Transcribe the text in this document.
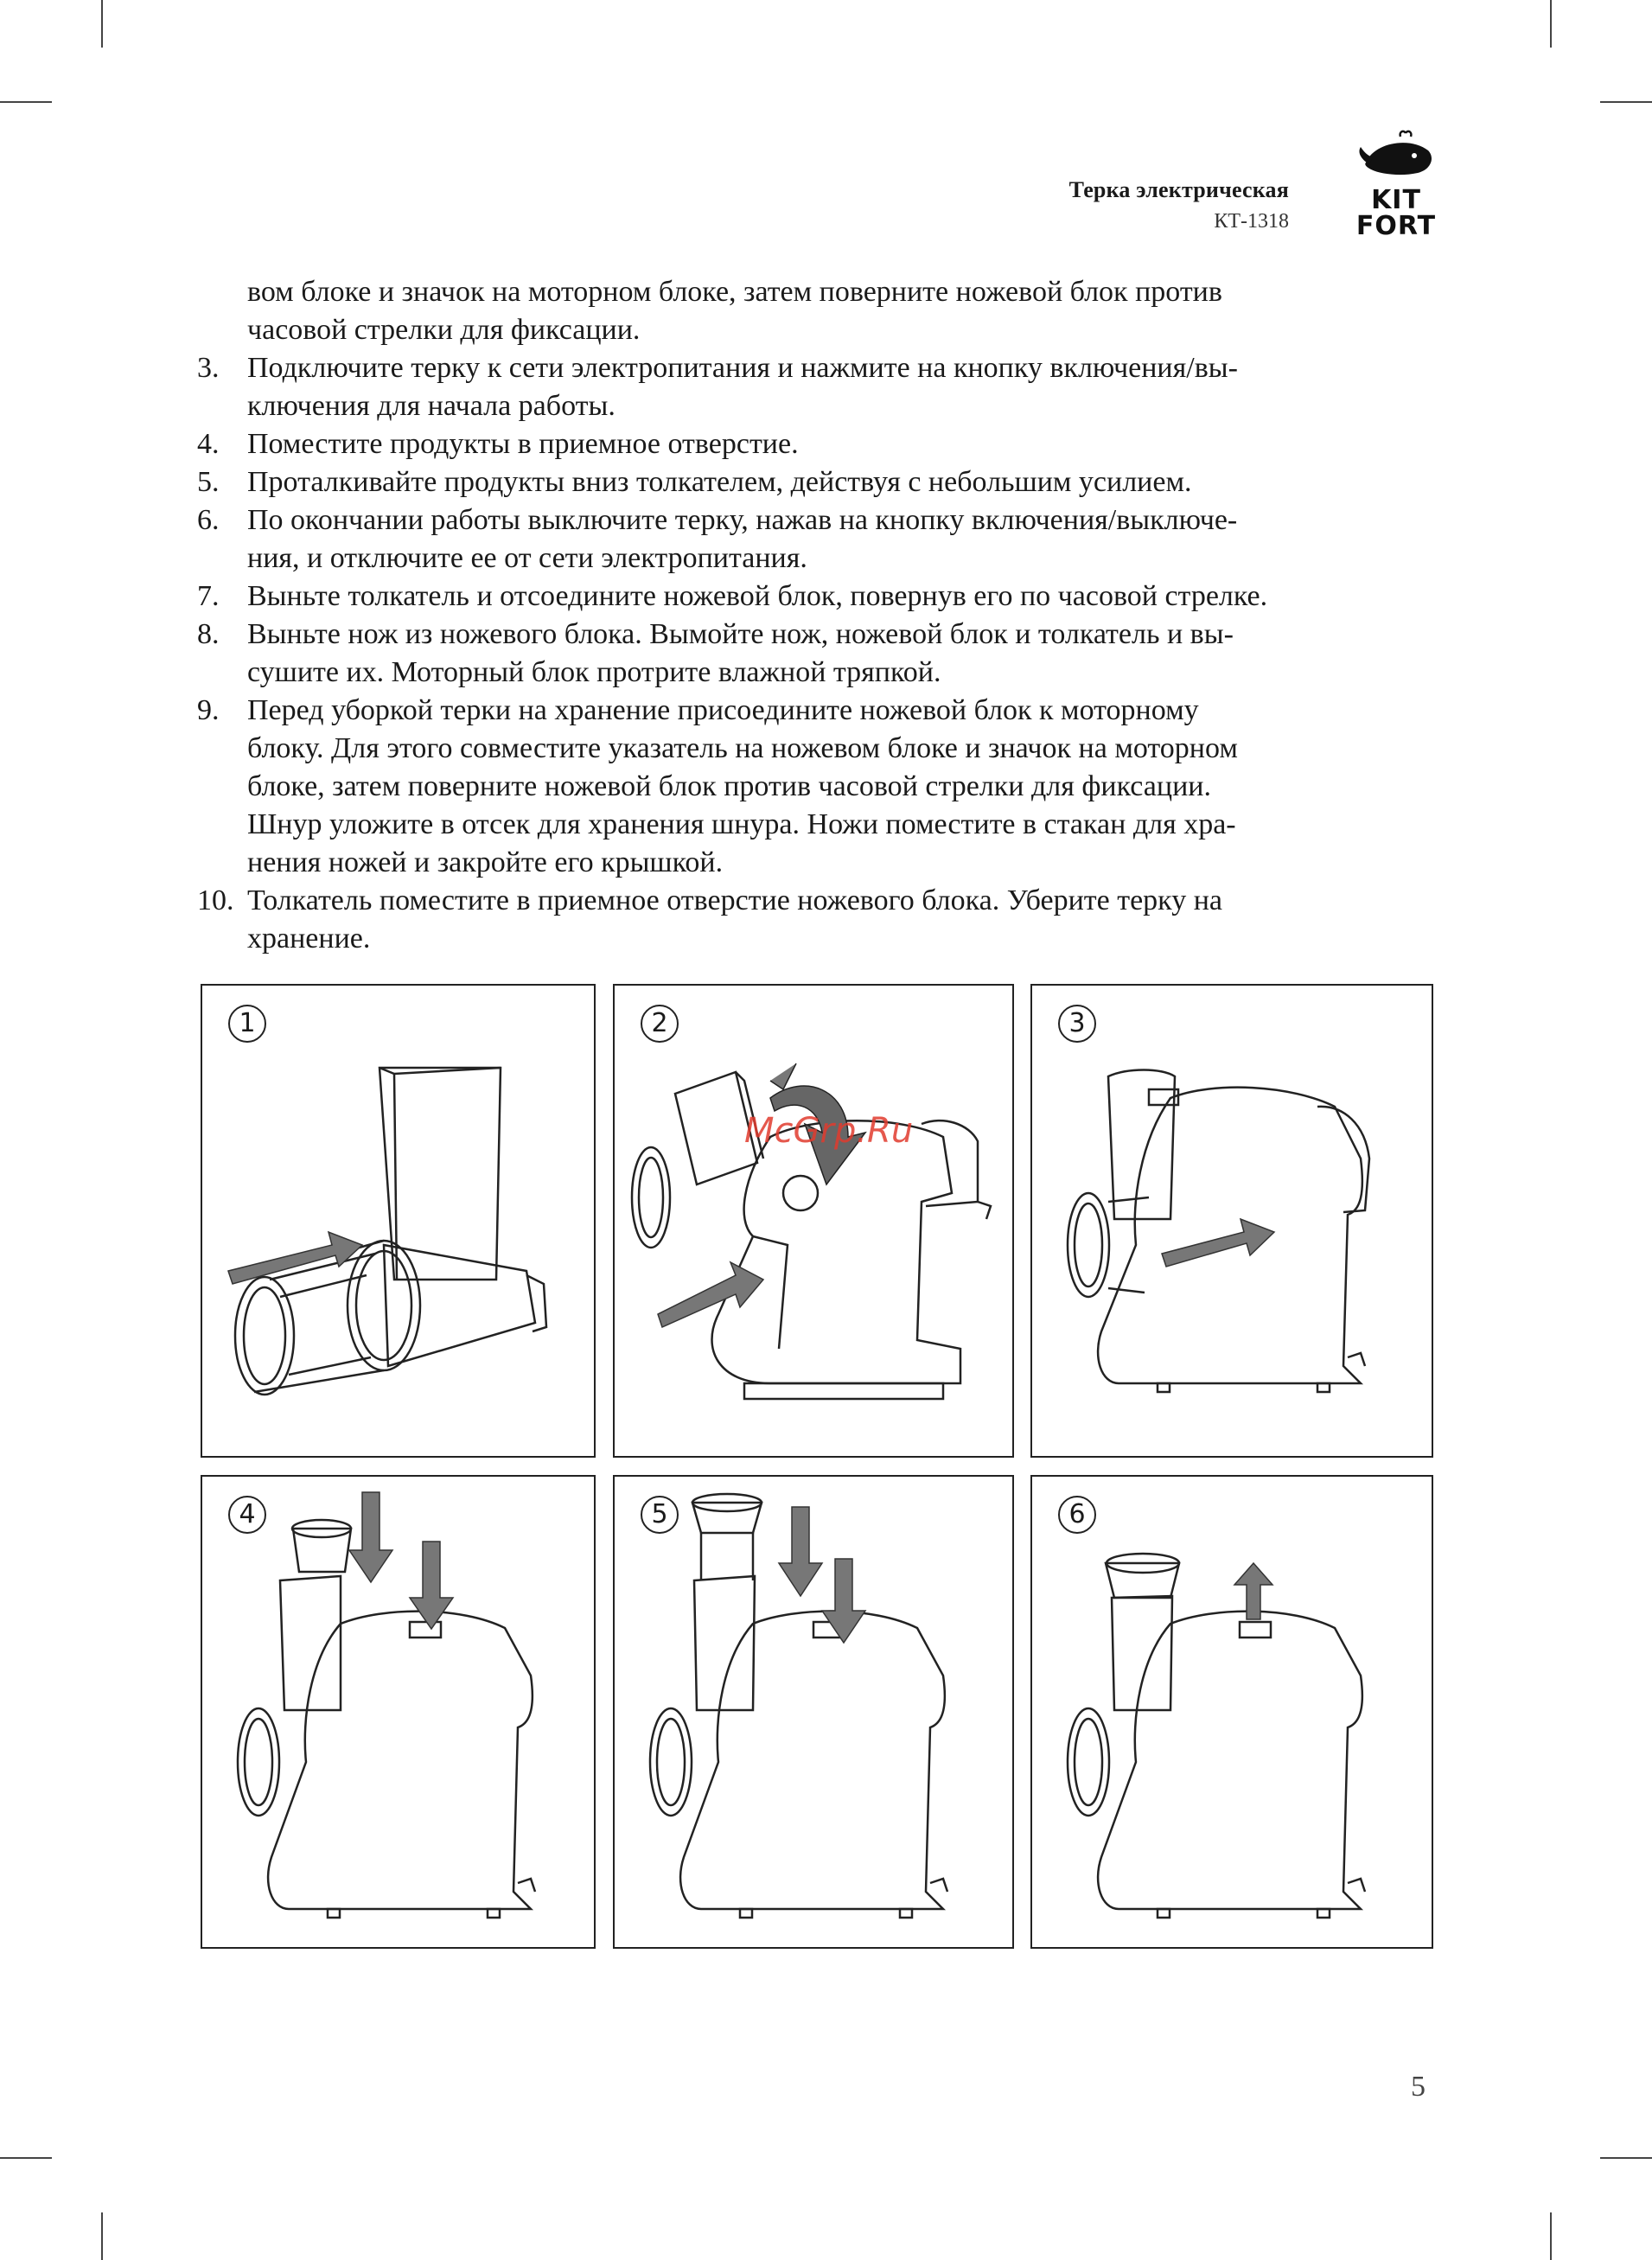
Терка электрическая
КТ-1318
KIT
FORT
вом блоке и значок на моторном блоке, затем поверните ножевой блок против
часовой стрелки для фиксации.
3. Подключите терку к сети электропитания и нажмите на кнопку включения/вы-
ключения для начала работы.
4. Поместите продукты в приемное отверстие.
5. Проталкивайте продукты вниз толкателем, действуя с небольшим усилием.
6. По окончании работы выключите терку, нажав на кнопку включения/выключе-
ния, и отключите ее от сети электропитания.
7. Выньте толкатель и отсоедините ножевой блок, повернув его по часовой стрелке.
8. Выньте нож из ножевого блока. Вымойте нож, ножевой блок и толкатель и вы-
сушите их. Моторный блок протрите влажной тряпкой.
9. Перед уборкой терки на хранение присоедините ножевой блок к моторному
блоку. Для этого совместите указатель на ножевом блоке и значок на моторном
блоке, затем поверните ножевой блок против часовой стрелки для фиксации.
Шнур уложите в отсек для хранения шнура. Ножи поместите в стакан для хра-
нения ножей и закройте его крышкой.
10. Толкатель поместите в приемное отверстие ножевого блока. Уберите терку на
хранение.
1	2
McGrp.Ru
3
4	5	6
5
